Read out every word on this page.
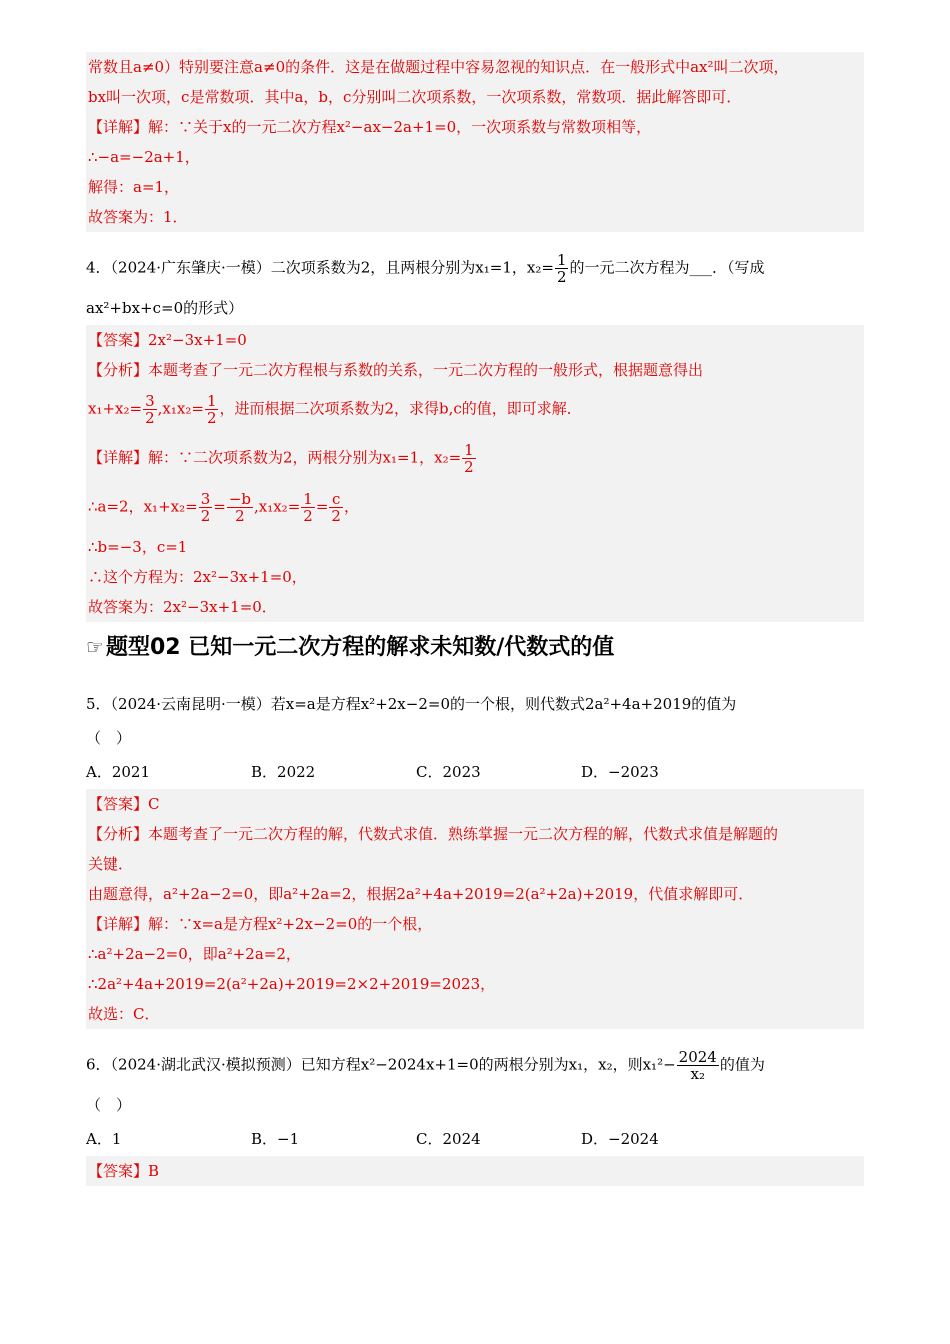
常数且a≠0）特别要注意a≠0的条件．这是在做题过程中容易忽视的知识点．在一般形式中ax²叫二次项，
bx叫一次项，c是常数项．其中a，b，c分别叫二次项系数，一次项系数，常数项．据此解答即可．
【详解】解：∵关于x的一元二次方程x²−ax−2a+1=0，一次项系数与常数项相等，
∴−a=−2a+1，
解得：a=1，
故答案为：1．
4．（2024·广东肇庆·一模）二次项系数为2，且两根分别为x₁=1，$x_2= \frac{1}{2}$ 的一元二次方程为___．（写成
ax²+bx+c=0的形式）
【答案】2x²−3x+1=0
【分析】本题考查了一元二次方程根与系数的关系，一元二次方程的一般形式，根据题意得出
$x_1+x_2= \frac{3}{2} ,x_1x_2= \frac{1}{2}$ ，进而根据二次项系数为2，求得b,c的值，即可求解．
【详解】解：∵二次项系数为2，两根分别为x₁=1，$x_2= \frac{1}{2}$
∴a=2，$x_1+x_2= \frac{3}{2} = \frac{-b}{2} ,x_1x_2= \frac{1}{2} = \frac{c}{2}$ ，
∴b=−3，c=1
∴这个方程为：2x²−3x+1=0，
故答案为：2x²−3x+1=0．
☞题型02 已知一元二次方程的解求未知数/代数式的值
5．（2024·云南昆明·一模）若x=a是方程x²+2x−2=0的一个根，则代数式2a²+4a+2019的值为
（　）
A．2021	B．2022	C．2023	D．−2023
【答案】C
【分析】本题考查了一元二次方程的解，代数式求值．熟练掌握一元二次方程的解，代数式求值是解题的
关键．
由题意得，a²+2a−2=0，即a²+2a=2，根据2a²+4a+2019=2(a²+2a)+2019，代值求解即可．
【详解】解：∵x=a是方程x²+2x−2=0的一个根，
∴a²+2a−2=0，即a²+2a=2，
∴2a²+4a+2019=2(a²+2a)+2019=2×2+2019=2023，
故选：C．
6．（2024·湖北武汉·模拟预测）已知方程x²−2024x+1=0的两根分别为x₁，x₂，则$x_1^2- \frac{2024}{\text{x₂}}$ 的值为
（　）
A．1	B．−1	C．2024	D．−2024
【答案】B
